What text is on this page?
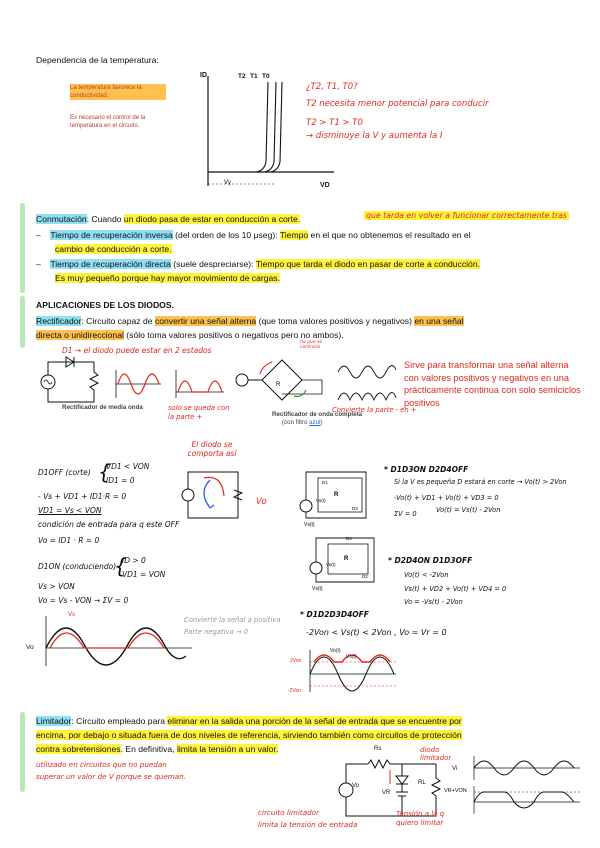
Dependencia de la temperatura:
La temperatura favorece la conductividad.
Es necesario el control de la temperatura en el circuito.
ID
VD
T2 T1 T0
Vγ
¿T2, T1, T0?
T2 necesita menor potencial para conducir
T2 > T1 > T0
→ disminuye la V y aumenta la I
Conmutación: Cuando un diodo pasa de estar en conducción a corte.	que tarda en volver a funcionar correctamente tras
–    Tiempo de recuperación inversa (del orden de los 10 μseg): Tiempo en el que no obtenemos el resultado en el
cambio de conducción a corte.
–    Tiempo de recuperación directa (suele despreciarse): Tiempo que tarda el diodo en pasar de corte a conducción.
Es muy pequeño porque hay mayor movimiento de cargas.
APLICACIONES DE LOS DIODOS.
Rectificador: Circuito capaz de convertir una señal alterna (que toma valores positivos y negativos) en una señal
directa o unidireccional (sólo toma valores positivos o negativos pero no ambos).
D1 → el diodo puede estar en 2 estados
Rectificador de media onda	solo se queda con la parte +
R
ha que es contrario
Rectificador de onda completa
(con filtro azul)
Convierte la parte - en +
Sirve para transformar una señal alterna con valores positivos y negativos en una prácticamente continua con solo semiciclos positivos
D1OFF (corte)
VD1 < VON
ID1 = 0
{
- Vs + VD1 + ID1·R = 0
VD1 = Vs < VON
condición de entrada para q este OFF
Vo = ID1 · R = 0
D1ON (conduciendo)
{
ID > 0
VD1 = VON
Vs > VON
Vo = Vs - VON → ΣV = 0
El diodo se comporta así
Vo
Vs
Vo
Convierte la señal a positiva
Parte negativa → 0
R
D1
D3
Vo(t)
Vs(t)
R
D4
D2
Vo(t)
Vs(t)
* D1D3ON D2D4OFF
Si la V es pequeña D estará en corte → Vo(t) > 2Von
-Vo(t) + VD1 + Vo(t) + VD3 = 0
ΣV = 0	Vo(t) = Vs(t) - 2Von
* D2D4ON D1D3OFF
Vo(t) < -2Von
Vs(t) + VD2 + Vo(t) + VD4 = 0
Vo = -Vs(t) - 2Von
* D1D2D3D4OFF
-2Von < Vs(t) < 2Von , Vo = Vr = 0
2Von
-2Von
Vo(t)
Vs(t)
Limitador: Circuito empleado para eliminar en la salida una porción de la señal de entrada que se encuentre por
encima, por debajo o situada fuera de dos niveles de referencia, sirviendo también como circuitos de protección
contra sobretensiones. En definitiva, limita la tensión a un valor.
utilizado en circuitos que no puedan
superar un valor de V porque se queman.
Rs
RL
VR
Vo
diodo limitador
Tensión a la q quiero limitar
circuito limitador
limita la tensión de entrada
Vi
VR+VON
